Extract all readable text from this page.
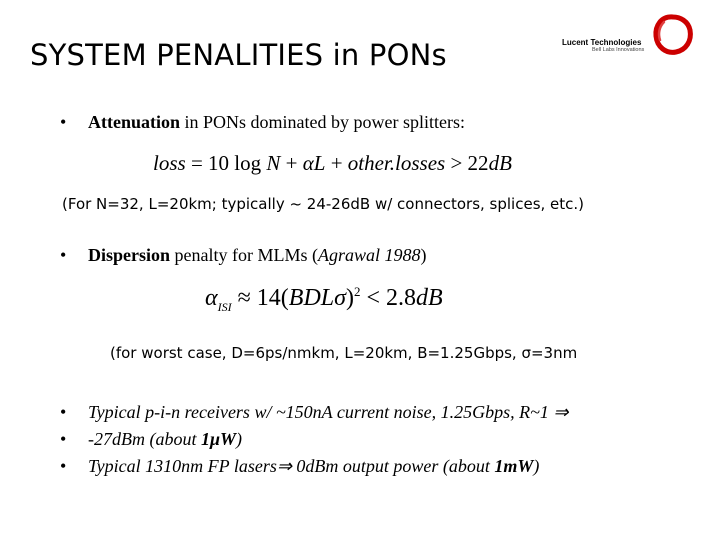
SYSTEM PENALITIES in PONs	Lucent Technologies
Bell Labs Innovations
• Attenuation in PONs dominated by power splitters:
loss = 10 log N + αL + other.losses > 22dB
(For N=32, L=20km; typically ~ 24-26dB w/ connectors, splices, etc.)
• Dispersion penalty for MLMs (Agrawal 1988)
$\alpha_{ISI} \approx 14(BDL\sigma)^2 < 2.8dB$
(for worst case, D=6ps/nmkm, L=20km, B=1.25Gbps, σ=3nm
• Typical p-i-n receivers w/ ~150nA current noise, 1.25Gbps, R~1 ⇒
• -27dBm (about 1μW)
• Typical 1310nm FP lasers⇒ 0dBm output power (about 1mW)
